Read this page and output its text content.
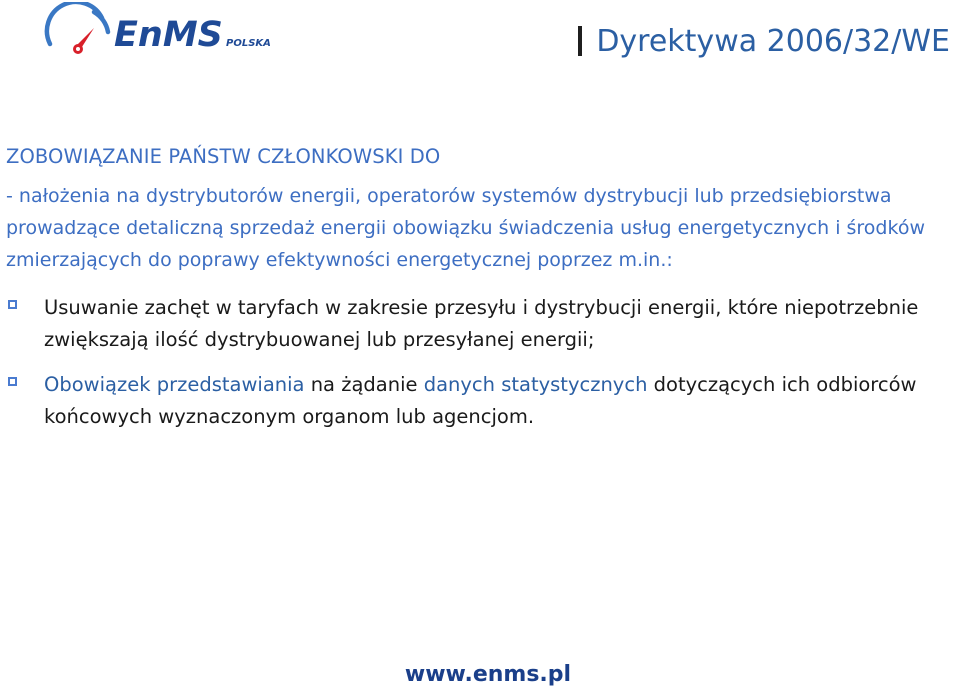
EnMS POLSKA	Dyrektywa 2006/32/WE

ZOBOWIĄZANIE PAŃSTW CZŁONKOWSKI DO

- nałożenia na dystrybutorów energii, operatorów systemów dystrybucji lub przedsiębiorstwa prowadzące detaliczną sprzedaż energii obowiązku świadczenia usług energetycznych i środków zmierzających do poprawy efektywności energetycznej poprzez m.in.:

Usuwanie zachęt w taryfach w zakresie przesyłu i dystrybucji energii, które niepotrzebnie zwiększają ilość dystrybuowanej lub przesyłanej energii;
Obowiązek przedstawiania na żądanie danych statystycznych dotyczących ich odbiorców końcowych wyznaczonym organom lub agencjom.
www.enms.pl
